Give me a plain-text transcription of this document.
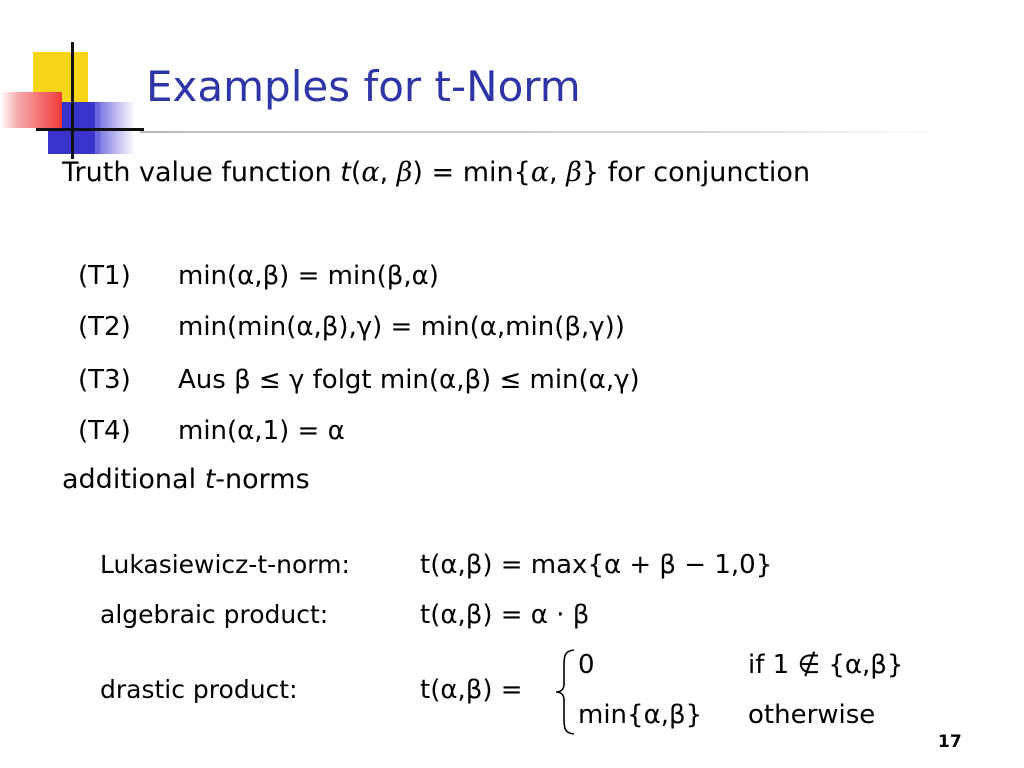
Examples for t-Norm
Truth value function t(α, β) = min{α, β} for conjunction
(T1) min(α,β) = min(β,α)
(T2) min(min(α,β),γ) = min(α,min(β,γ))
(T3) Aus β ≤ γ folgt min(α,β) ≤ min(α,γ)
(T4) min(α,1) = α
additional t-norms
Lukasiewicz-t-norm:	t(α,β) = max{α + β − 1,0}
algebraic product:	t(α,β) = α · β
drastic product:	t(α,β) =
0	if 1 ∉ {α,β}
min{α,β} otherwise
17
